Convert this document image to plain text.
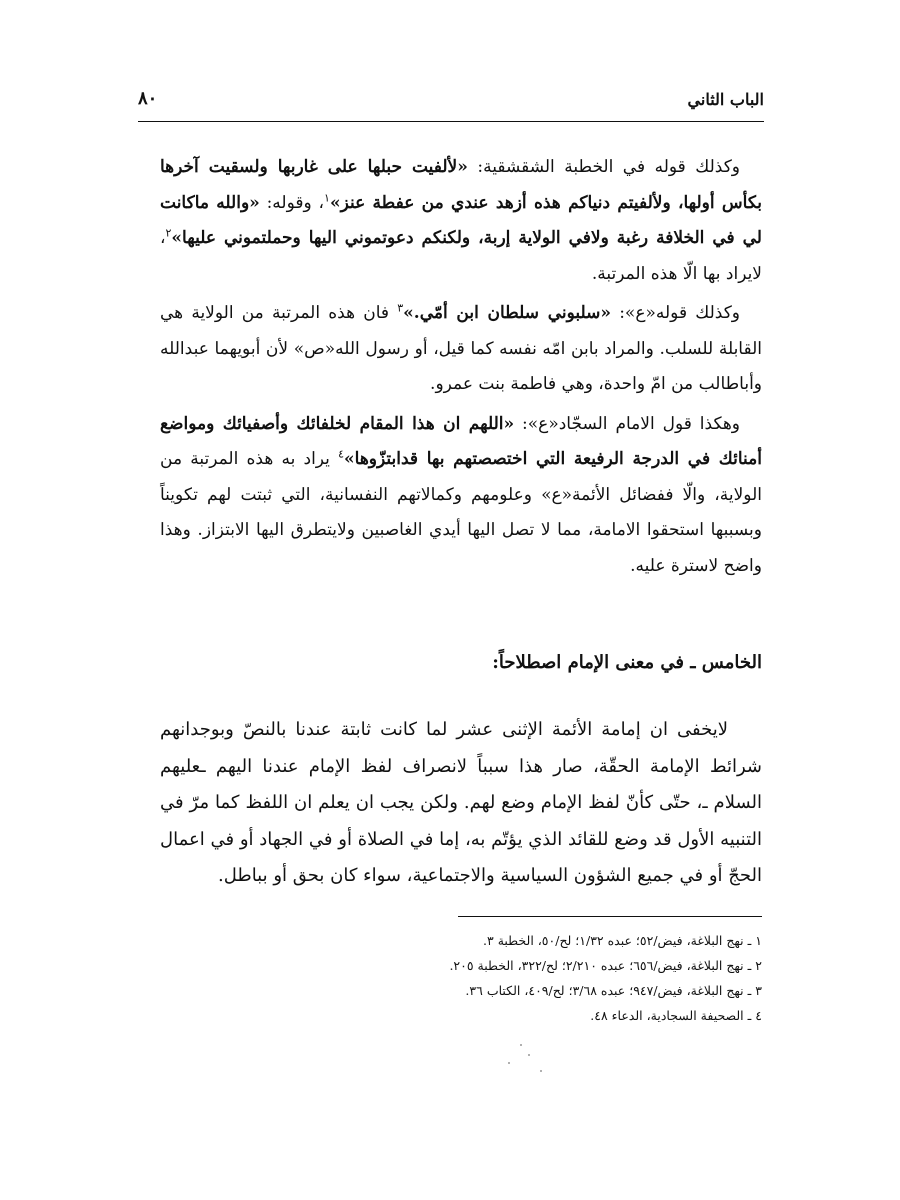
الباب الثاني
٨٠

وكذلك قوله في الخطبة الشقشقية: «لألفيت حبلها على غاربها ولسقيت آخرها بكأس أولها، ولألفيتم دنياكم هذه أزهد عندي من عفطة عنز»$^١$، وقوله: «والله ماكانت لي في الخلافة رغبة ولافي الولاية إربة، ولكنكم دعوتموني اليها وحملتموني عليها»$^٢$، لايراد بها الّا هذه المرتبة.

وكذلك قوله«ع»: «سلبوني سلطان ابن أمّي.»$^٣$ فان هذه المرتبة من الولاية هي القابلة للسلب. والمراد بابن امّه نفسه كما قيل، أو رسول الله«ص» لأن أبويهما عبدالله وأباطالب من امّ واحدة، وهي فاطمة بنت عمرو.

وهكذا قول الامام السجّاد«ع»: «اللهم ان هذا المقام لخلفائك وأصفيائك ومواضع أمنائك في الدرجة الرفيعة التي اختصصتهم بها قدابتزّوها»$^٤$ يراد به هذه المرتبة من الولاية، والّا ففضائل الأئمة«ع» وعلومهم وكمالاتهم النفسانية، التي ثبتت لهم تكويناً وبسببها استحقوا الامامة، مما لا تصل اليها أيدي الغاصبين ولايتطرق اليها الابتزاز. وهذا واضح لاسترة عليه.

الخامس ـ في معنى الإمام اصطلاحاً:

لايخفى ان إمامة الأئمة الإثنى عشر لما كانت ثابتة عندنا بالنصّ وبوجدانهم شرائط الإمامة الحقّة، صار هذا سبباً لانصراف لفظ الإمام عندنا اليهم ـعليهم السلام ـ، حتّى كأنّ لفظ الإمام وضع لهم. ولكن يجب ان يعلم ان اللفظ كما مرّ في التنبيه الأول قد وضع للقائد الذي يؤتّم به، إما في الصلاة أو في الجهاد أو في اعمال الحجّ أو في جميع الشؤون السياسية والاجتماعية، سواء كان بحق أو بباطل.

١ ـ نهج البلاغة، فيض/٥٢؛ عبده ١/٣٢؛ لح/٥٠، الخطبة ٣.

٢ ـ نهج البلاغة، فيض/٦٥٦؛ عبده ٢/٢١٠؛ لح/٣٢٢، الخطبة ٢٠٥.

٣ ـ نهج البلاغة، فيض/٩٤٧؛ عبده ٣/٦٨؛ لح/٤٠٩، الكتاب ٣٦.

٤ ـ الصحيفة السجادية، الدعاء ٤٨.
